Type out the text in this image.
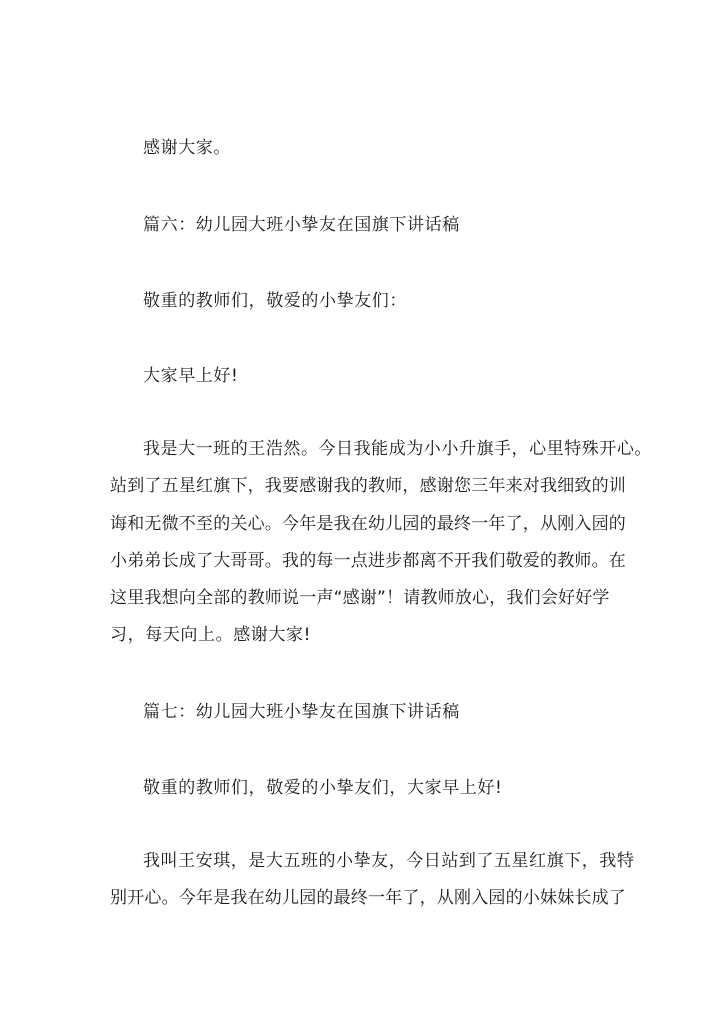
感谢大家。

篇六：幼儿园大班小挚友在国旗下讲话稿

敬重的教师们，敬爱的小挚友们：

大家早上好!

我是大一班的王浩然。今日我能成为小小升旗手，心里特殊开心。

站到了五星红旗下，我要感谢我的教师，感谢您三年来对我细致的训

诲和无微不至的关心。今年是我在幼儿园的最终一年了，从刚入园的

小弟弟长成了大哥哥。我的每一点进步都离不开我们敬爱的教师。在

这里我想向全部的教师说一声“感谢”！请教师放心，我们会好好学

习，每天向上。感谢大家!

篇七：幼儿园大班小挚友在国旗下讲话稿

敬重的教师们，敬爱的小挚友们，大家早上好!

我叫王安琪，是大五班的小挚友，今日站到了五星红旗下，我特

别开心。今年是我在幼儿园的最终一年了，从刚入园的小妹妹长成了
